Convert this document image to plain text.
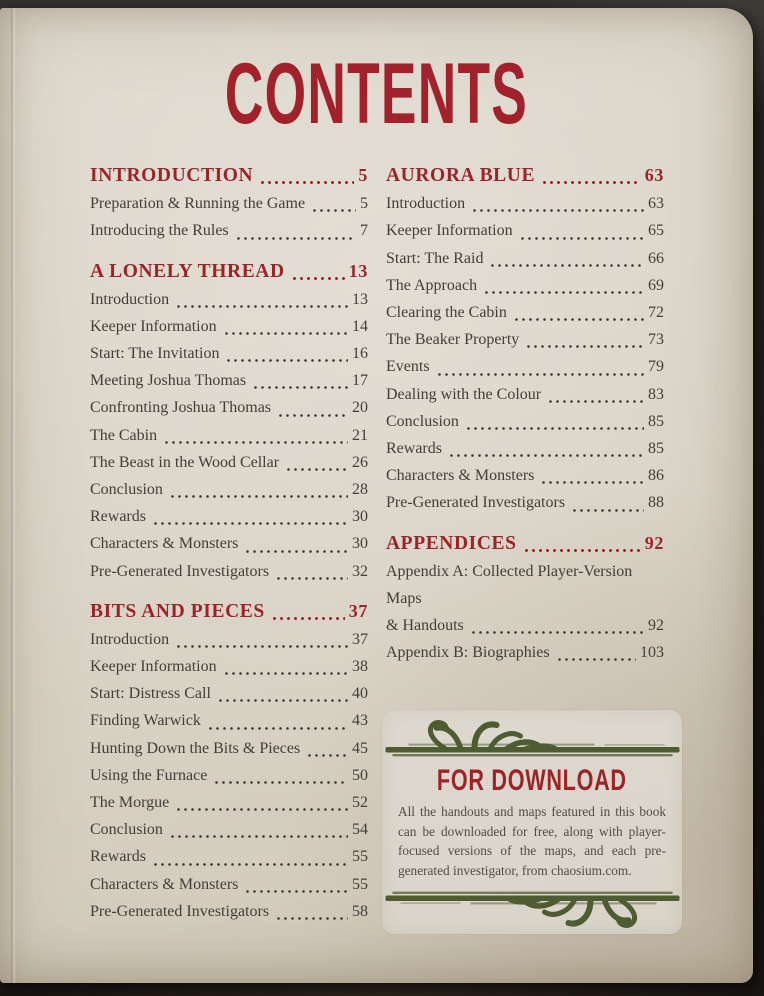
CONTENTS
INTRODUCTION	5
Preparation & Running the Game	5
Introducing the Rules	7
A LONELY THREAD	13
Introduction	13
Keeper Information	14
Start: The Invitation	16
Meeting Joshua Thomas	17
Confronting Joshua Thomas	20
The Cabin	21
The Beast in the Wood Cellar	26
Conclusion	28
Rewards	30
Characters & Monsters	30
Pre-Generated Investigators	32
BITS AND PIECES	37
Introduction	37
Keeper Information	38
Start: Distress Call	40
Finding Warwick	43
Hunting Down the Bits & Pieces	45
Using the Furnace	50
The Morgue	52
Conclusion	54
Rewards	55
Characters & Monsters	55
Pre-Generated Investigators	58
AURORA BLUE	63
Introduction	63
Keeper Information	65
Start: The Raid	66
The Approach	69
Clearing the Cabin	72
The Beaker Property	73
Events	79
Dealing with the Colour	83
Conclusion	85
Rewards	85
Characters & Monsters	86
Pre-Generated Investigators	88
APPENDICES	92
Appendix A: Collected Player-Version Maps
& Handouts	92
Appendix B: Biographies	103
FOR DOWNLOAD

All the handouts and maps featured in this book can be downloaded for free, along with player-focused versions of the maps, and each pre-generated investigator, from chaosium.com.
